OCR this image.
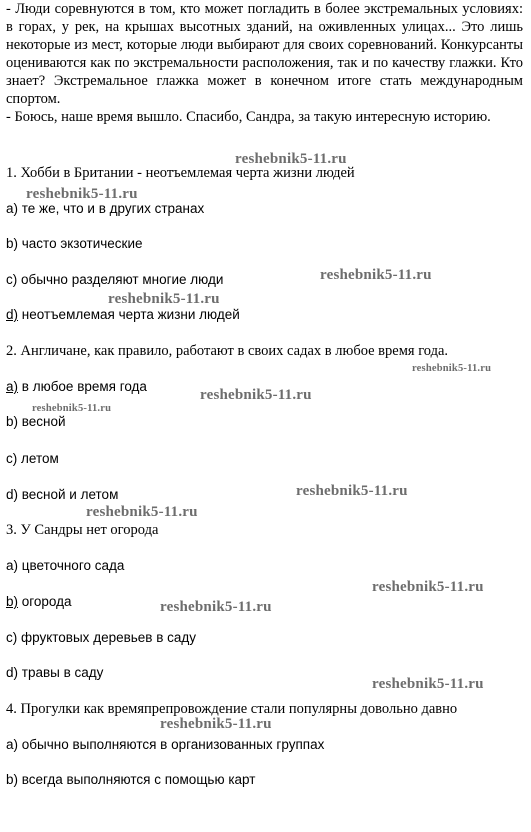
- Люди соревнуются в том, кто может погладить в более экстремальных условиях: в горах, у рек, на крышах высотных зданий, на оживленных улицах... Это лишь некоторые из мест, которые люди выбирают для своих соревнований. Конкурсанты оцениваются как по экстремальности расположения, так и по качеству глажки. Кто знает? Экстремальное глажка может в конечном итоге стать международным спортом.

- Боюсь, наше время вышло. Спасибо, Сандра, за такую интересную историю.

1. Хобби в Британии - неотъемлемая черта жизни людей

а) те же, что и в других странах

b) часто экзотические

c) обычно разделяют многие люди

d) неотъемлемая черта жизни людей

2. Англичане, как правило, работают в своих садах в любое время года.

a) в любое время года

b) весной

c) летом

d) весной и летом

3. У Сандры нет огорода

a) цветочного сада

b) огорода

c) фруктовых деревьев в саду

d) травы в саду

4. Прогулки как времяпрепровождение стали популярны довольно давно

a) обычно выполняются в организованных группах

b) всегда выполняются с помощью карт

reshebnik5-11.ru
reshebnik5-11.ru
reshebnik5-11.ru
reshebnik5-11.ru
reshebnik5-11.ru
reshebnik5-11.ru
reshebnik5-11.ru
reshebnik5-11.ru
reshebnik5-11.ru
reshebnik5-11.ru
reshebnik5-11.ru
reshebnik5-11.ru
reshebnik5-11.ru
